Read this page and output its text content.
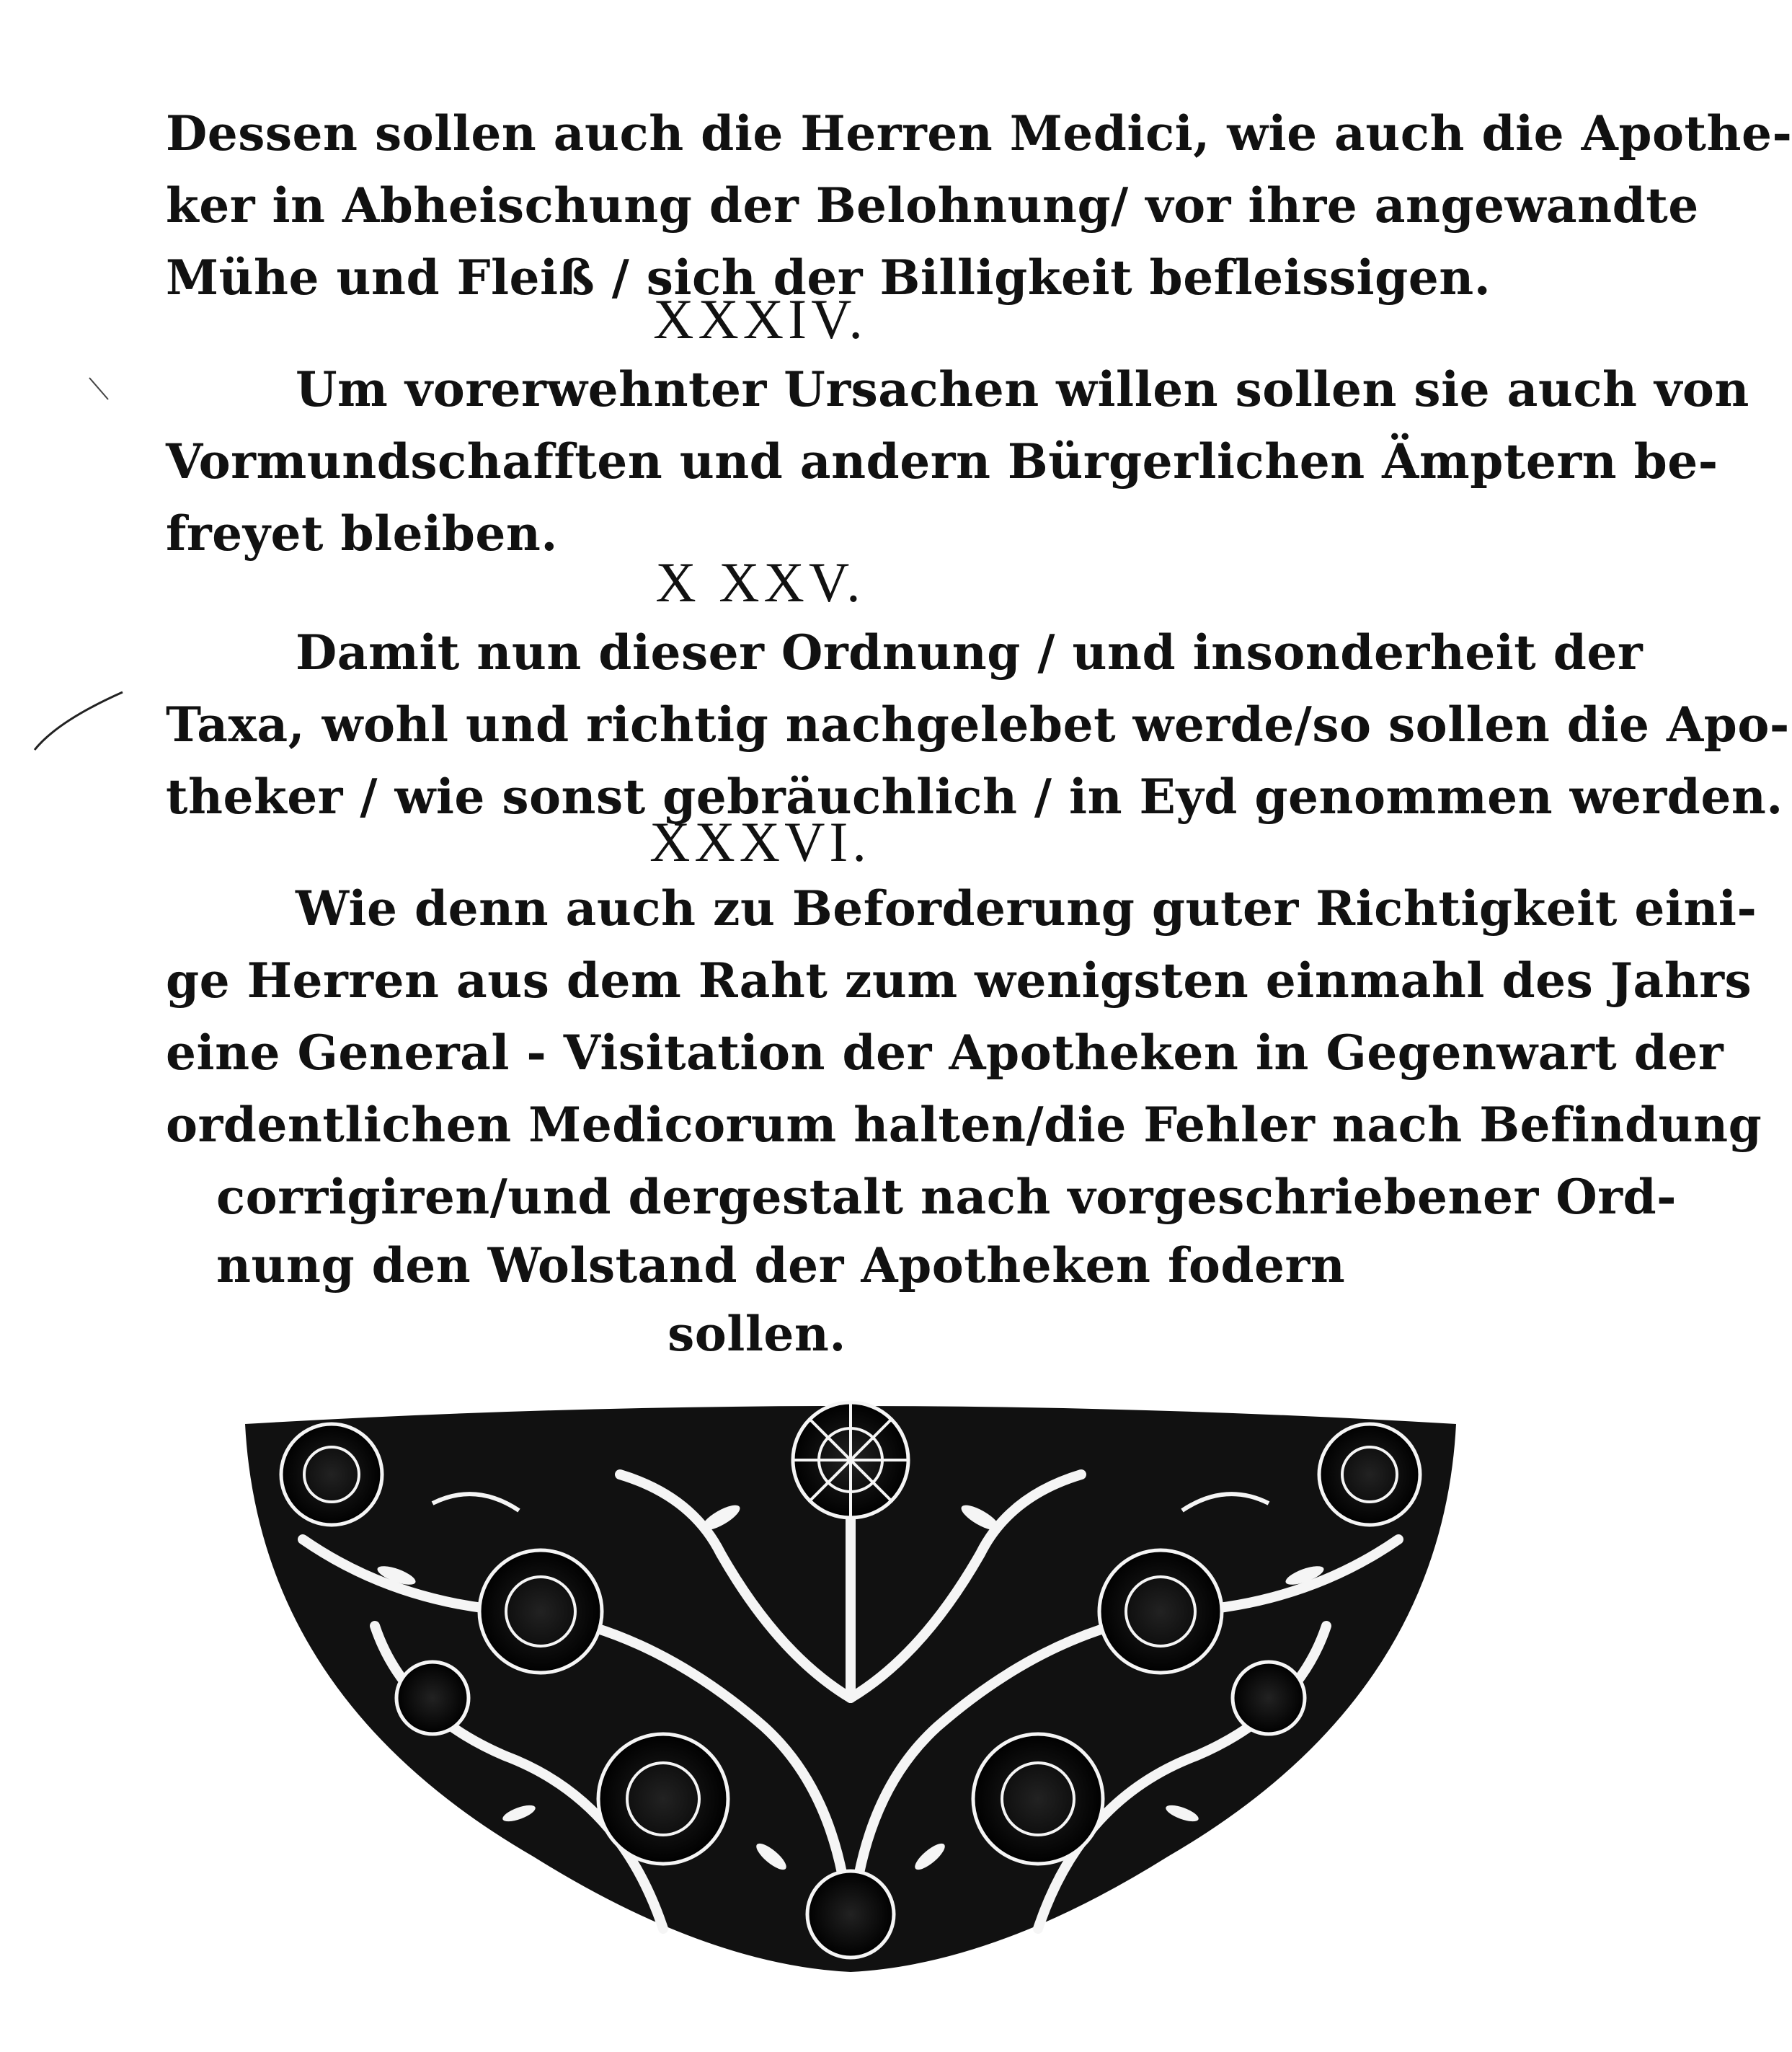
Dessen sollen auch die Herren Medici, wie auch die Apothe-
ker in Abheischung der Belohnung/ vor ihre angewandte
Mühe und Fleiß / sich der Billigkeit befleissigen.
XXXIV.
Um vorerwehnter Ursachen willen sollen sie auch von
Vormundschafften und andern Bürgerlichen Ämptern be-
freyet bleiben.
X XXV.
Damit nun dieser Ordnung / und insonderheit der
Taxa, wohl und richtig nachgelebet werde/so sollen die Apo-
theker / wie sonst gebräuchlich / in Eyd genommen werden.
XXXVI.
Wie denn auch zu Beforderung guter Richtigkeit eini-
ge Herren aus dem Raht zum wenigsten einmahl des Jahrs
eine General - Visitation der Apotheken in Gegenwart der
ordentlichen Medicorum halten/die Fehler nach Befindung
corrigiren/und dergestalt nach vorgeschriebener Ord-
nung den Wolstand der Apotheken fodern
sollen.
